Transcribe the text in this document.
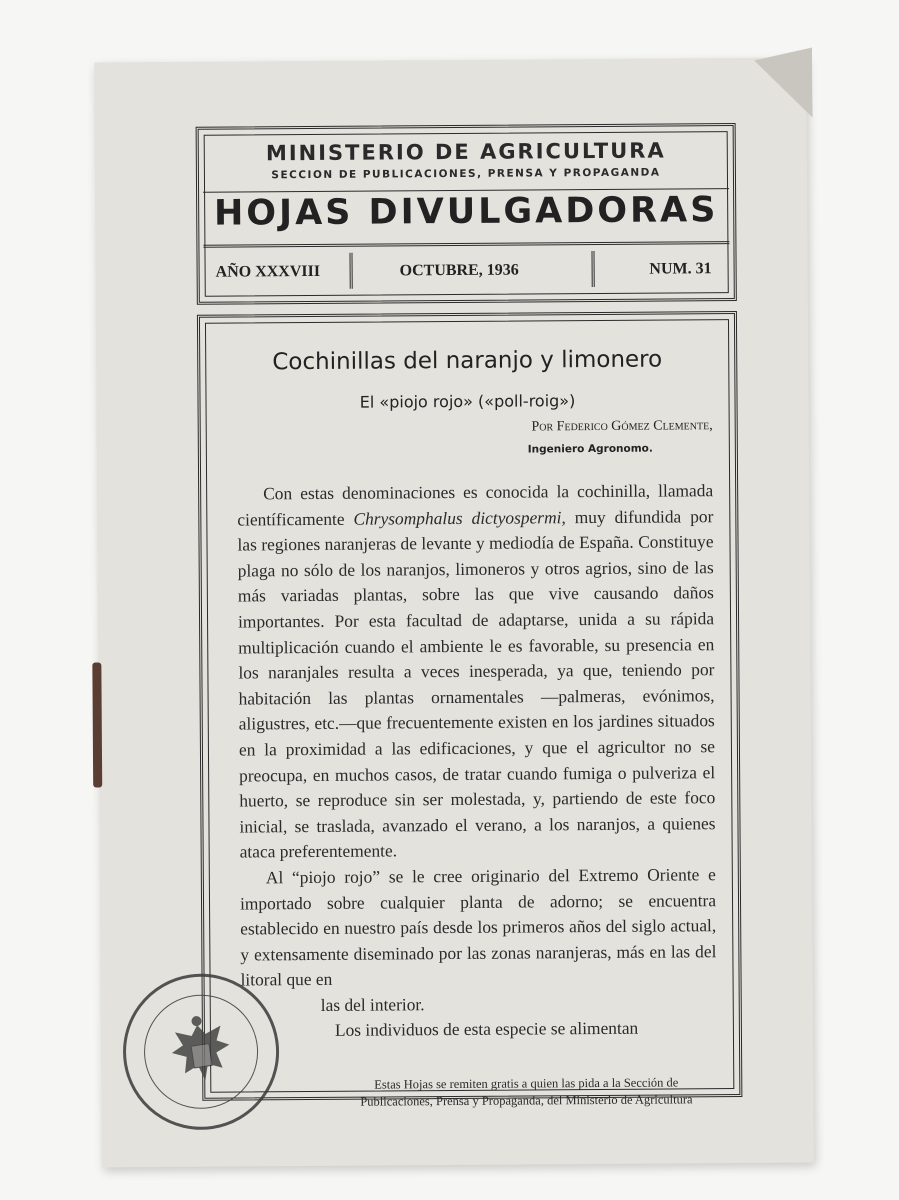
MINISTERIO DE AGRICULTURA
SECCION DE PUBLICACIONES, PRENSA Y PROPAGANDA
HOJAS DIVULGADORAS
AÑO XXXVIII	OCTUBRE, 1936	NUM. 31
Cochinillas del naranjo y limonero
El «piojo rojo» («poll-roig»)
Por Federico Gómez Clemente,
Ingeniero Agronomo.

Con estas denominaciones es conocida la cochinilla, llamada científicamente Chrysomphalus dictyospermi, muy difundida por las regiones naranjeras de levante y mediodía de España. Constituye plaga no sólo de los naranjos, limoneros y otros agrios, sino de las más variadas plantas, sobre las que vive causando daños importantes. Por esta facultad de adaptarse, unida a su rápida multiplicación cuando el ambiente le es favorable, su presencia en los naranjales resulta a veces inesperada, ya que, teniendo por habitación las plantas ornamentales —palmeras, evónimos, aligustres, etc.—que frecuentemente existen en los jardines situados en la proximidad a las edificaciones, y que el agricultor no se preocupa, en muchos casos, de tratar cuando fumiga o pulveriza el huerto, se reproduce sin ser molestada, y, partiendo de este foco inicial, se traslada, avanzado el verano, a los naranjos, a quienes ataca preferentemente.

Al “piojo rojo” se le cree originario del Extremo Oriente e importado sobre cualquier planta de adorno; se encuentra establecido en nuestro país desde los primeros años del siglo actual, y extensamente diseminado por las zonas naranjeras, más en las del litoral que en

las del interior.

Los individuos de esta especie se alimentan

Estas Hojas se remiten gratis a quien las pida a la Sección de
Publicaciones, Prensa y Propaganda, del Ministerio de Agricultura
